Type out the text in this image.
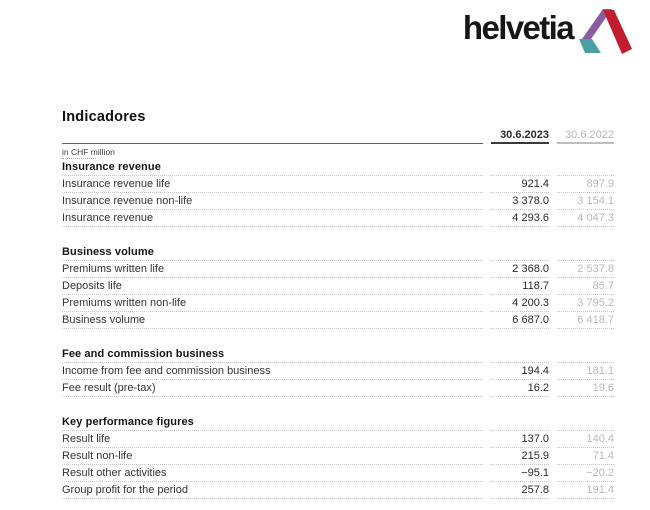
helvetia
Indicadores
30.6.2023	30.6.2022
in CHF million
Insurance revenue
Insurance revenue life	921.4	897.9
Insurance revenue non-life	3 378.0	3 154.1
Insurance revenue	4 293.6	4 047.3
Business volume
Premiums written life	2 368.0	2 537.8
Deposits life	118.7	85.7
Premiums written non-life	4 200.3	3 795.2
Business volume	6 687.0	6 418.7
Fee and commission business
Income from fee and commission business	194.4	181.1
Fee result (pre-tax)	16.2	19.6
Key performance figures
Result life	137.0	140.4
Result non-life	215.9	71.4
Result other activities	−95.1	−20.2
Group profit for the period	257.8	191.4
